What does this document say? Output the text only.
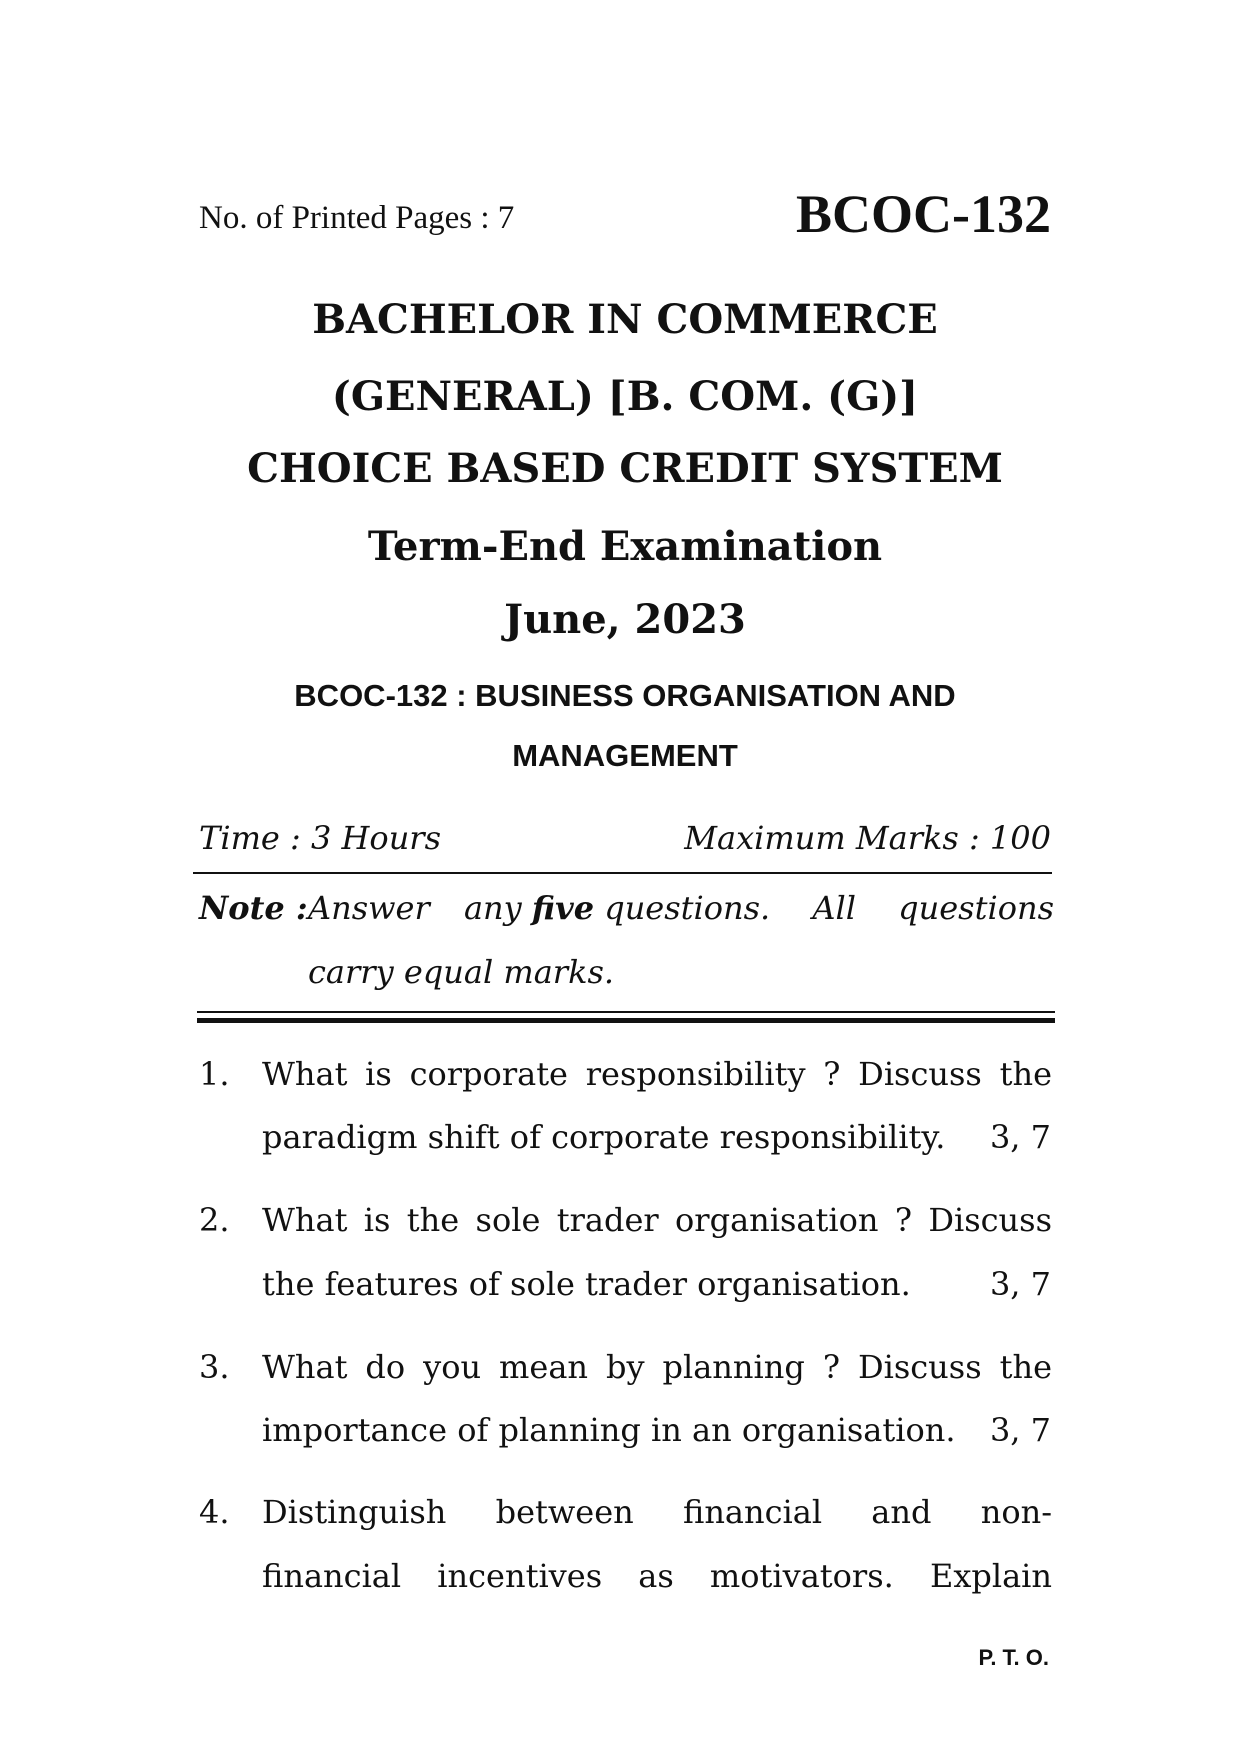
No. of Printed Pages : 7	BCOC-132
BACHELOR IN COMMERCE
(GENERAL) [B. COM. (G)]
CHOICE BASED CREDIT SYSTEM
Term-End Examination
June, 2023
BCOC-132 : BUSINESS ORGANISATION AND
MANAGEMENT
Time : 3 Hours	Maximum Marks : 100
Note : Answer any five questions. All questions
carry equal marks.
1. What is corporate responsibility ? Discuss the
paradigm shift of corporate responsibility.	3, 7
2. What is the sole trader organisation ? Discuss
the features of sole trader organisation.	3, 7
3. What do you mean by planning ? Discuss the
importance of planning in an organisation.	3, 7
4. Distinguish between financial and non-
financial incentives as motivators. Explain
P. T. O.
